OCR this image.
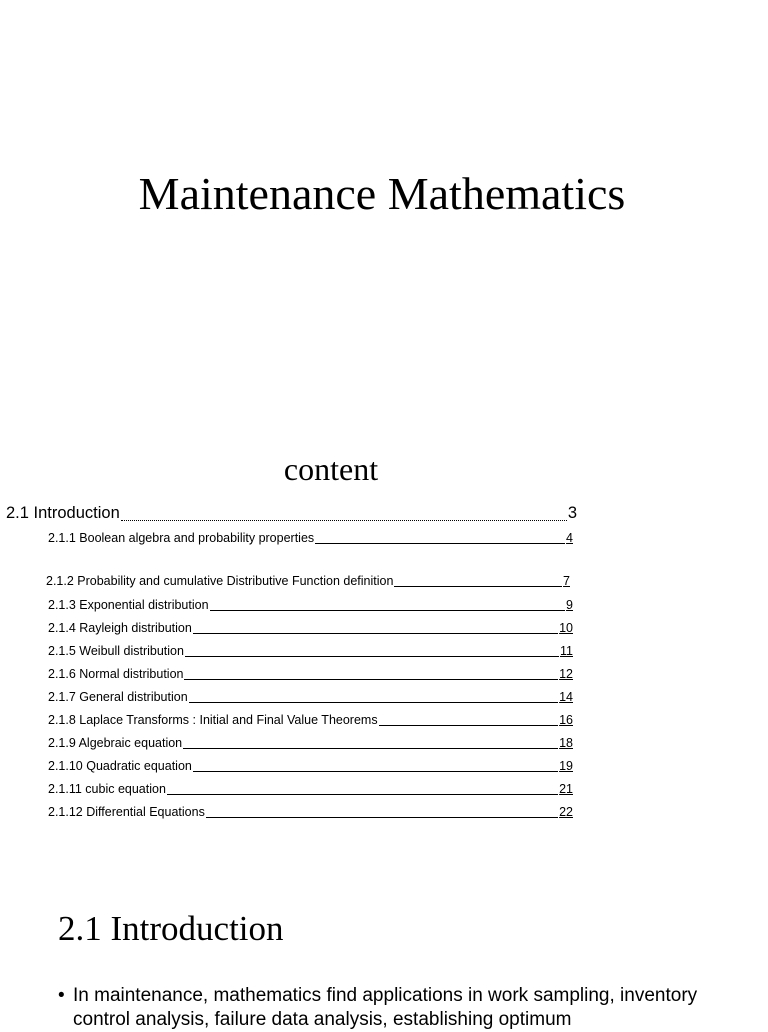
Maintenance Mathematics
content
2.1 Introduction	3
2.1.1 Boolean algebra and probability properties	4
2.1.2 Probability and cumulative Distributive Function definition	7
2.1.3 Exponential distribution	9
2.1.4 Rayleigh distribution	10
2.1.5 Weibull distribution	11
2.1.6 Normal distribution	12
2.1.7 General distribution	14
2.1.8 Laplace Transforms : Initial and Final Value Theorems	16
2.1.9 Algebraic equation	18
2.1.10 Quadratic equation	19
2.1.11 cubic equation	21
2.1.12 Differential Equations	22
2.1 Introduction
• In maintenance, mathematics find applications in work sampling, inventory control analysis, failure data analysis, establishing optimum
